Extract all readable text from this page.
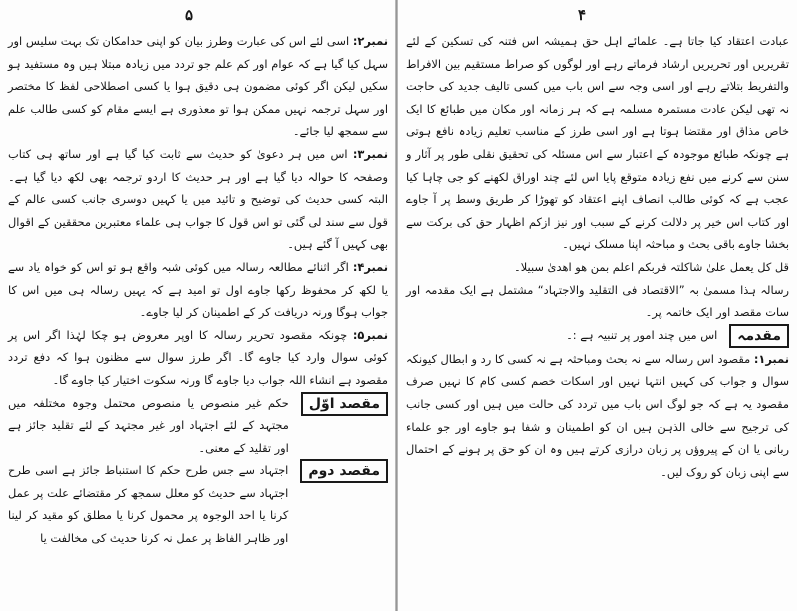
۵

نمبر۲: اسی لئے اس کی عبارت وطرز بیان کو اپنی حدامکان تک بہت سلیس اور سہل کیا گیا ہے کہ عوام اور کم علم جو تردد میں زیادہ مبتلا ہیں وہ مستفید ہو سکیں لیکن اگر کوئی مضمون ہی دقیق ہوا یا کسی اصطلاحی لفظ کا مختصر اور سہل ترجمہ نہیں ممکن ہوا تو معذوری ہے ایسے مقام کو کسی طالب علم سے سمجھ لیا جائے۔

نمبر۳: اس میں ہر دعویٰ کو حدیث سے ثابت کیا گیا ہے اور ساتھ ہی کتاب وصفحہ کا حوالہ دیا گیا ہے اور ہر حدیث کا اردو ترجمہ بھی لکھ دیا گیا ہے۔ البتہ کسی حدیث کی توضیح و تائید میں یا کہیں دوسری جانب کسی عالم کے قول سے سند لی گئی تو اس قول کا جواب ہی علماء معتبرین محققین کے اقوال بھی کہیں آ گئے ہیں۔

نمبر۴: اگر اثنائے مطالعہ رسالہ میں کوئی شبہ واقع ہو تو اس کو خواہ یاد سے یا لکھ کر محفوظ رکھا جاوے اول تو امید ہے کہ یہیں رسالہ ہی میں اس کا جواب ہوگا ورنہ دریافت کر کے اطمینان کر لیا جاوے۔

نمبر۵: چونکہ مقصود تحریر رسالہ کا اوپر معروض ہو چکا لہٰذا اگر اس پر کوئی سوال وارد کیا جاوے گا۔ اگر طرز سوال سے مظنون ہوا کہ دفع تردد مقصود ہے انشاء اللہ جواب دیا جاوے گا ورنہ سکوت اختیار کیا جاوے گا۔

مقصد اوّل
حکم غیر منصوص یا منصوص محتمل وجوہ مختلفہ میں مجتہد کے لئے اجتہاد اور غیر مجتہد کے لئے تقلید جائز ہے اور تقلید کے معنی۔
مقصد دوم
اجتہاد سے جس طرح حکم کا استنباط جائز ہے اسی طرح اجتہاد سے حدیث کو معلل سمجھ کر مقتضائے علت پر عمل کرنا یا احد الوجوہ پر محمول کرنا یا مطلق کو مقید کر لینا اور ظاہر الفاظ پر عمل نہ کرنا حدیث کی مخالفت یا
۴

عبادت اعتقاد کیا جاتا ہے۔ علمائے اہل حق ہمیشہ اس فتنہ کی تسکین کے لئے تقریریں اور تحریریں ارشاد فرماتے رہے اور لوگوں کو صراط مستقیم بین الافراط والتفریط بتلاتے رہے اور اسی وجہ سے اس باب میں کسی تالیف جدید کی حاجت نہ تھی لیکن عادت مستمرہ مسلمہ ہے کہ ہر زمانہ اور مکان میں طبائع کا ایک خاص مذاق اور مقتضا ہوتا ہے اور اسی طرز کے مناسب تعلیم زیادہ نافع ہوتی ہے چونکہ طبائع موجودہ کے اعتبار سے اس مسئلہ کی تحقیق نقلی طور پر آثار و سنن سے کرنے میں نفع زیادہ متوقع پایا اس لئے چند اوراق لکھنے کو جی چاہا کیا عجب ہے کہ کوئی طالب انصاف اپنے اعتقاد کو تھوڑا کر طریق وسط پر آ جاوے اور کتاب اس خیر پر دلالت کرنے کے سبب اور نیز ازکم اظہار حق کی برکت سے بخشا جاوے باقی بحث و مباحثہ اپنا مسلک نہیں۔

قل کل یعمل علیٰ شاکلتہ فربکم اعلم بمن ھو اھدیٰ سبیلا۔

رسالہ ہذا مسمیٰ بہ ”الاقتصاد فی التقلید والاجتہاد“ مشتمل ہے ایک مقدمہ اور سات مقصد اور ایک خاتمہ پر۔

مقدمہ
اس میں چند امور پر تنبیہ ہے :۔

نمبر۱: مقصود اس رسالہ سے نہ بحث ومباحثہ ہے نہ کسی کا رد و ابطال کیونکہ سوال و جواب کی کہیں انتہا نہیں اور اسکات خصم کسی کام کا نہیں صرف مقصود یہ ہے کہ جو لوگ اس باب میں تردد کی حالت میں ہیں اور کسی جانب کی ترجیح سے خالی الذہن ہیں ان کو اطمینان و شفا ہو جاوے اور جو علماء ربانی یا ان کے پیروؤں پر زبان درازی کرتے ہیں وہ ان کو حق پر ہونے کے احتمال سے اپنی زبان کو روک لیں۔
